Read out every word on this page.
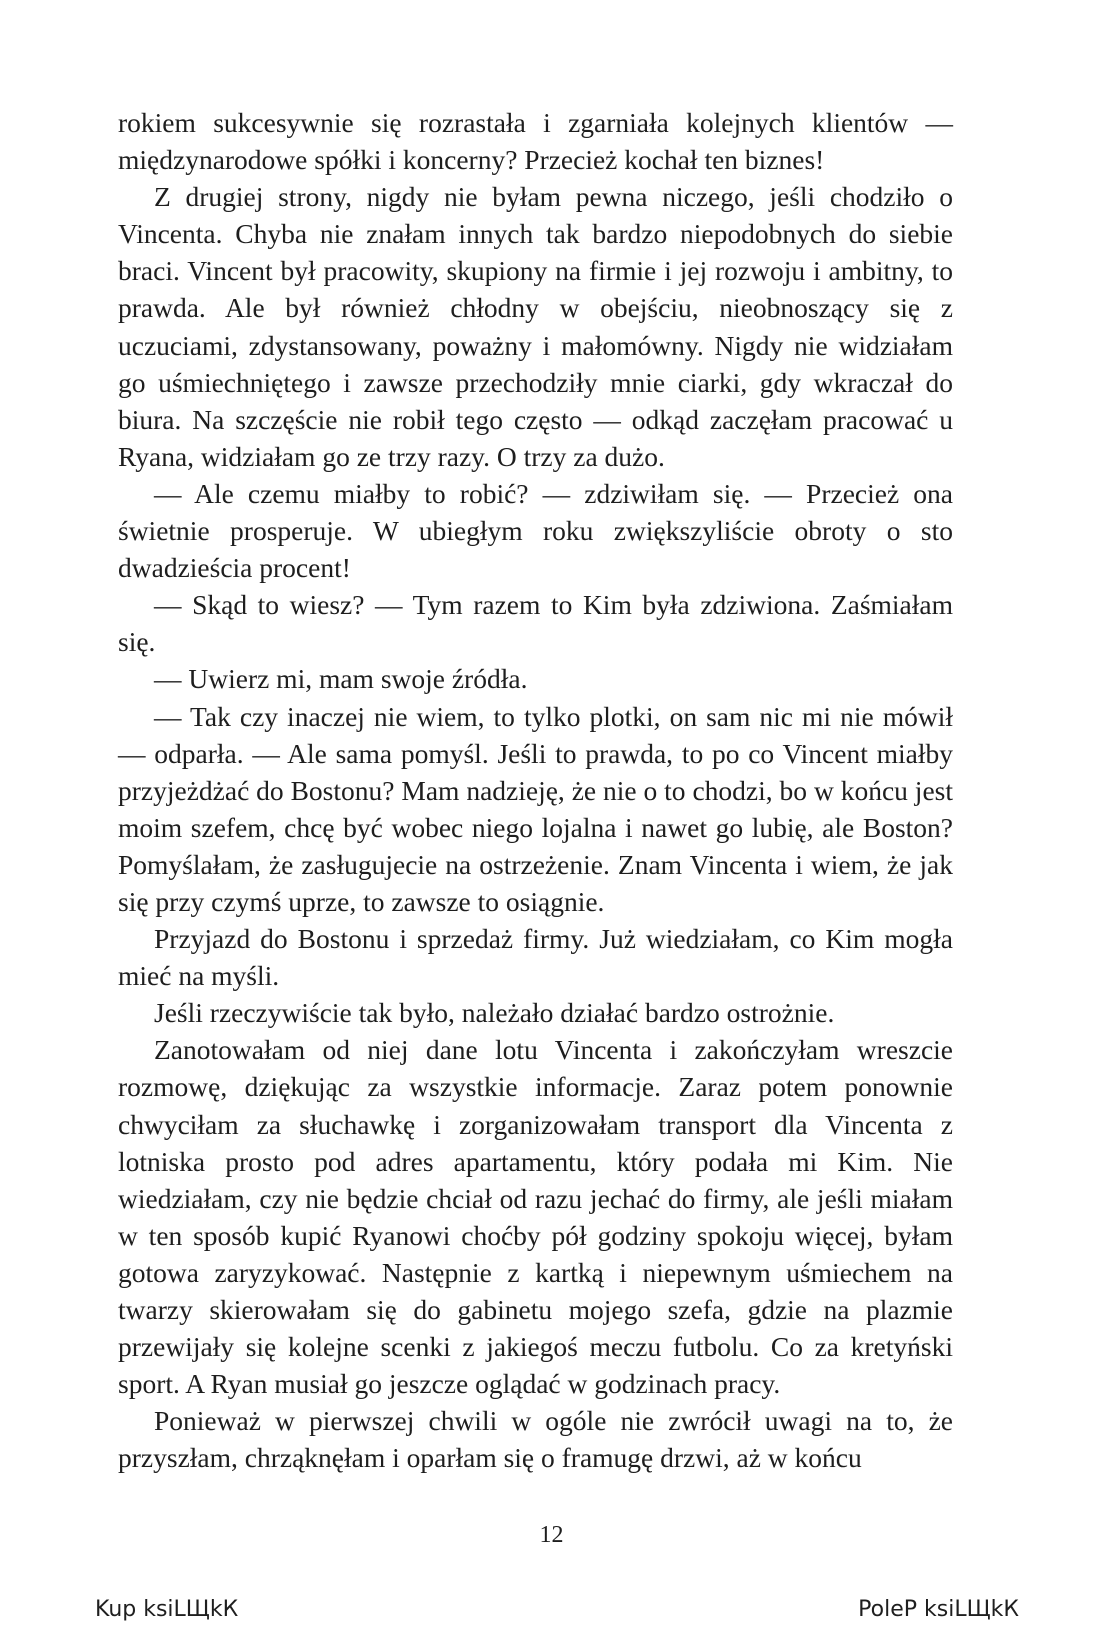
rokiem sukcesywnie się rozrastała i zgarniała kolejnych klientów — międzynarodowe spółki i koncerny? Przecież kochał ten biznes!

Z drugiej strony, nigdy nie byłam pewna niczego, jeśli chodziło o Vincenta. Chyba nie znałam innych tak bardzo niepodobnych do siebie braci. Vincent był pracowity, skupiony na firmie i jej rozwoju i ambitny, to prawda. Ale był również chłodny w obejściu, nieobnoszący się z uczuciami, zdystansowany, poważny i małomówny. Nigdy nie widziałam go uśmiechniętego i zawsze przechodziły mnie ciarki, gdy wkraczał do biura. Na szczęście nie robił tego często — odkąd zaczęłam pracować u Ryana, widziałam go ze trzy razy. O trzy za dużo.

— Ale czemu miałby to robić? — zdziwiłam się. — Przecież ona świetnie prosperuje. W ubiegłym roku zwiększyliście obroty o sto dwadzieścia procent!

— Skąd to wiesz? — Tym razem to Kim była zdziwiona. Zaśmiałam się.

— Uwierz mi, mam swoje źródła.

— Tak czy inaczej nie wiem, to tylko plotki, on sam nic mi nie mówił — odparła. — Ale sama pomyśl. Jeśli to prawda, to po co Vincent miałby przyjeżdżać do Bostonu? Mam nadzieję, że nie o to chodzi, bo w końcu jest moim szefem, chcę być wobec niego lojalna i nawet go lubię, ale Boston? Pomyślałam, że zasługujecie na ostrzeżenie. Znam Vincenta i wiem, że jak się przy czymś uprze, to zawsze to osiągnie.

Przyjazd do Bostonu i sprzedaż firmy. Już wiedziałam, co Kim mogła mieć na myśli.

Jeśli rzeczywiście tak było, należało działać bardzo ostrożnie.

Zanotowałam od niej dane lotu Vincenta i zakończyłam wreszcie rozmowę, dziękując za wszystkie informacje. Zaraz potem ponownie chwyciłam za słuchawkę i zorganizowałam transport dla Vincenta z lotniska prosto pod adres apartamentu, który podała mi Kim. Nie wiedziałam, czy nie będzie chciał od razu jechać do firmy, ale jeśli miałam w ten sposób kupić Ryanowi choćby pół godziny spokoju więcej, byłam gotowa zaryzykować. Następnie z kartką i niepewnym uśmiechem na twarzy skierowałam się do gabinetu mojego szefa, gdzie na plazmie przewijały się kolejne scenki z jakiegoś meczu futbolu. Co za kretyński sport. A Ryan musiał go jeszcze oglądać w godzinach pracy.

Ponieważ w pierwszej chwili w ogóle nie zwrócił uwagi na to, że przyszłam, chrząknęłam i oparłam się o framugę drzwi, aż w końcu

12
Kup ksiLЩkК	PoleP ksiLЩkК
